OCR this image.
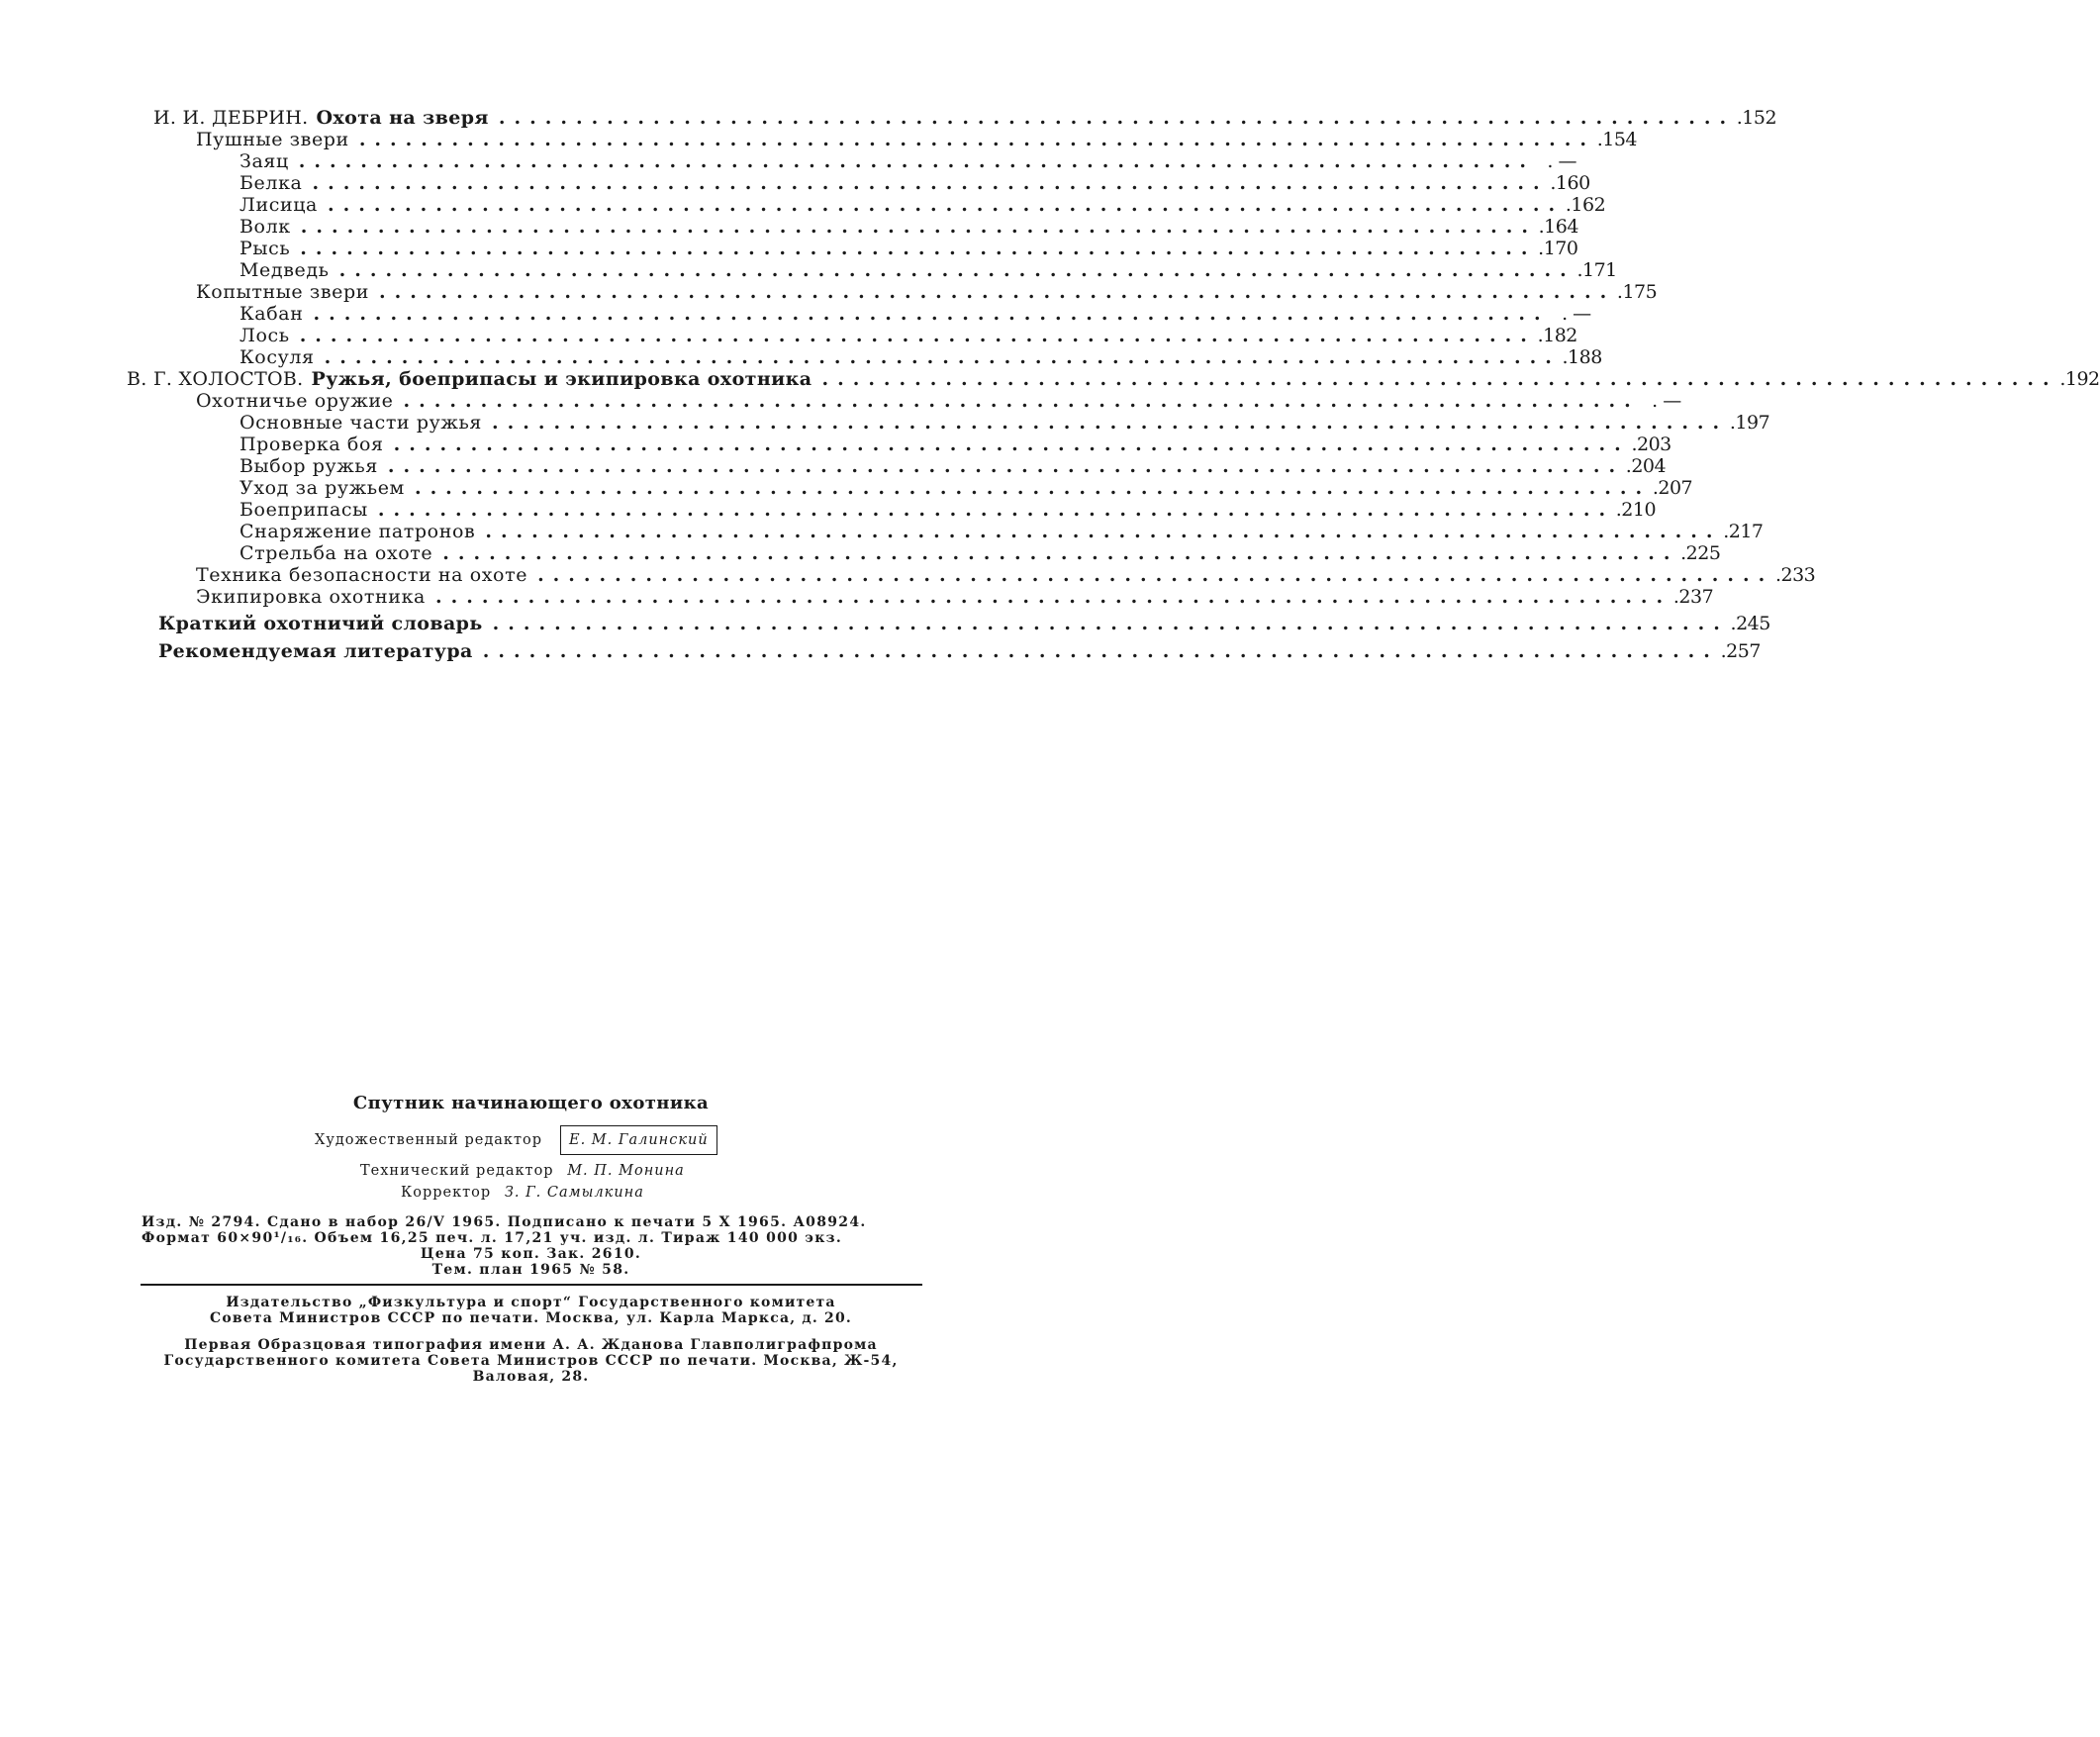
И. И. ДЕБРИН. Охота на зверя ................................................................................ .152
Пушные звери ................................................................................ .154
Заяц ................................................................................ . —
Белка ................................................................................ .160
Лисица ................................................................................ .162
Волк ................................................................................ .164
Рысь ................................................................................ .170
Медведь ................................................................................ .171
Копытные звери ................................................................................ .175
Кабан ................................................................................ . —
Лось ................................................................................ .182
Косуля ................................................................................ .188
В. Г. ХОЛОСТОВ. Ружья, боеприпасы и экипировка охотника ................................................................................ .192
Охотничье оружие ................................................................................ . —
Основные части ружья ................................................................................ .197
Проверка боя ................................................................................ .203
Выбор ружья ................................................................................ .204
Уход за ружьем ................................................................................ .207
Боеприпасы ................................................................................ .210
Снаряжение патронов ................................................................................ .217
Стрельба на охоте ................................................................................ .225
Техника безопасности на охоте ................................................................................ .233
Экипировка охотника ................................................................................ .237
Краткий охотничий словарь ................................................................................ .245
Рекомендуемая литература ................................................................................ .257
Спутник начинающего охотника
Художественный редактор	Е. М. Галинский
Технический редактор М. П. Монина
Корректор З. Г. Самылкина
Изд. № 2794. Сдано в набор 26/V 1965. Подписано к печати 5 X 1965. А08924.
Формат 60×90¹/₁₆. Объем 16,25 печ. л. 17,21 уч. изд. л. Тираж 140 000 экз.
Цена 75 коп. Зак. 2610.
Тем. план 1965 № 58.
Издательство „Физкультура и спорт“ Государственного комитета
Совета Министров СССР по печати. Москва, ул. Карла Маркса, д. 20.
Первая Образцовая типография имени А. А. Жданова Главполиграфпрома
Государственного комитета Совета Министров СССР по печати. Москва, Ж-54,
Валовая, 28.
